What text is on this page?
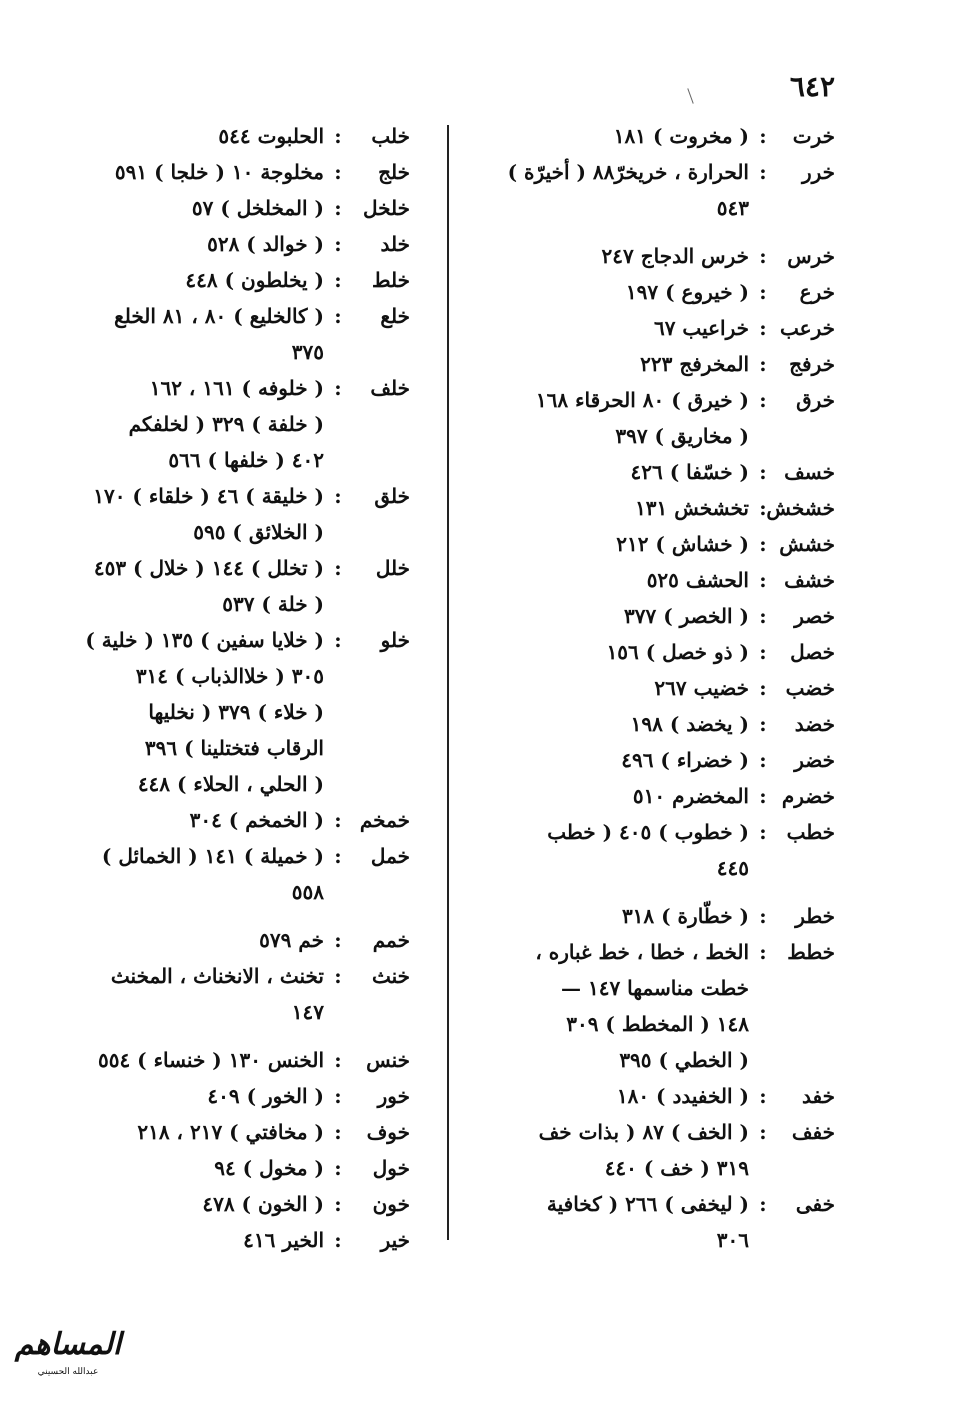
٦٤٢
خرت:( مخروت ) ١٨١
خرر:الحرارة ، خريخرّ٨٨ ( أخيرّة )
٥٤٣
خرس:خرس الدجاج ٢٤٧
خرع:( خيروع ) ١٩٧
خرعب:خراعيب ٦٧
خرفج:المخرفج ٢٢٣
خرق:( خيرق ) ٨٠ الحرقاء ١٦٨
( مخاريق ) ٣٩٧
خسف:( خسّفا ) ٤٢٦
خشخش:تخشخش ١٣١
خشش:( خشاش ) ٢١٢
خشف:الحشف ٥٢٥
خصر:( الخصر ) ٣٧٧
خصل:( ذو خصل ) ١٥٦
خضب:خضيب ٢٦٧
خضد:( يخضد ) ١٩٨
خضر:( خضراء ) ٤٩٦
خضرم:المخضرم ٥١٠
خطب:( خطوب ) ٤٠٥ ( خطب
٤٤٥
خطر:( خطّارة ) ٣١٨
خطط:الخط ، خطا ، خط غباره ،
خطت مناسمها ١٤٧ —
١٤٨ ( المخطط ) ٣٠٩
( الخطي ) ٣٩٥
خفد:( الخفيدد ) ١٨٠
خفف:( الخف ) ٨٧ ( بذات خف
٣١٩ ( خف ) ٤٤٠
خفى:( ليخفى ) ٢٦٦ ( كخافية
٣٠٦
خلب:الحلبوت ٥٤٤
خلج:مخلوجة ١٠ ( خلجا ) ٥٩١
خلخل:( المخلخل ) ٥٧
خلد:( خوالد ) ٥٢٨
خلط:( يخلطون ) ٤٤٨
خلع:( كالخليع ) ٨٠ ، ٨١ الخلع
٣٧٥
خلف:( خلوفه ) ١٦١ ، ١٦٢
( خلفة ) ٣٢٩ ( لخلفكم
٤٠٢ ( خلفها ) ٥٦٦
خلق:( خليقة ) ٤٦ ( خلقاء ) ١٧٠
( الخلائق ) ٥٩٥
خلل:( تخلل ) ١٤٤ ( خلال ) ٤٥٣
( خلة ) ٥٣٧
خلو:( خلايا سفين ) ١٣٥ ( خلية )
٣٠٥ ( خلاالذباب ) ٣١٤
( خلاء ) ٣٧٩ ( نخليها
الرقاب فتختلينا ) ٣٩٦
( الحلي ، الحلاء ) ٤٤٨
خمخم:( الخمخم ) ٣٠٤
خمل:( خميلة ) ١٤١ ( الخمائل )
٥٥٨
خمم:خم ٥٧٩
خنث:تخنث ، الانخناث ، المخنث
١٤٧
خنس:الخنس ١٣٠ ( خنساء ) ٥٥٤
خور:( الخور ) ٤٠٩
خوف:( مخافتي ) ٢١٧ ، ٢١٨
خول:( مخول ) ٩٤
خون:( الخون ) ٤٧٨
خير:الخير ٤١٦
المساهم
عبدالله الحسيني
